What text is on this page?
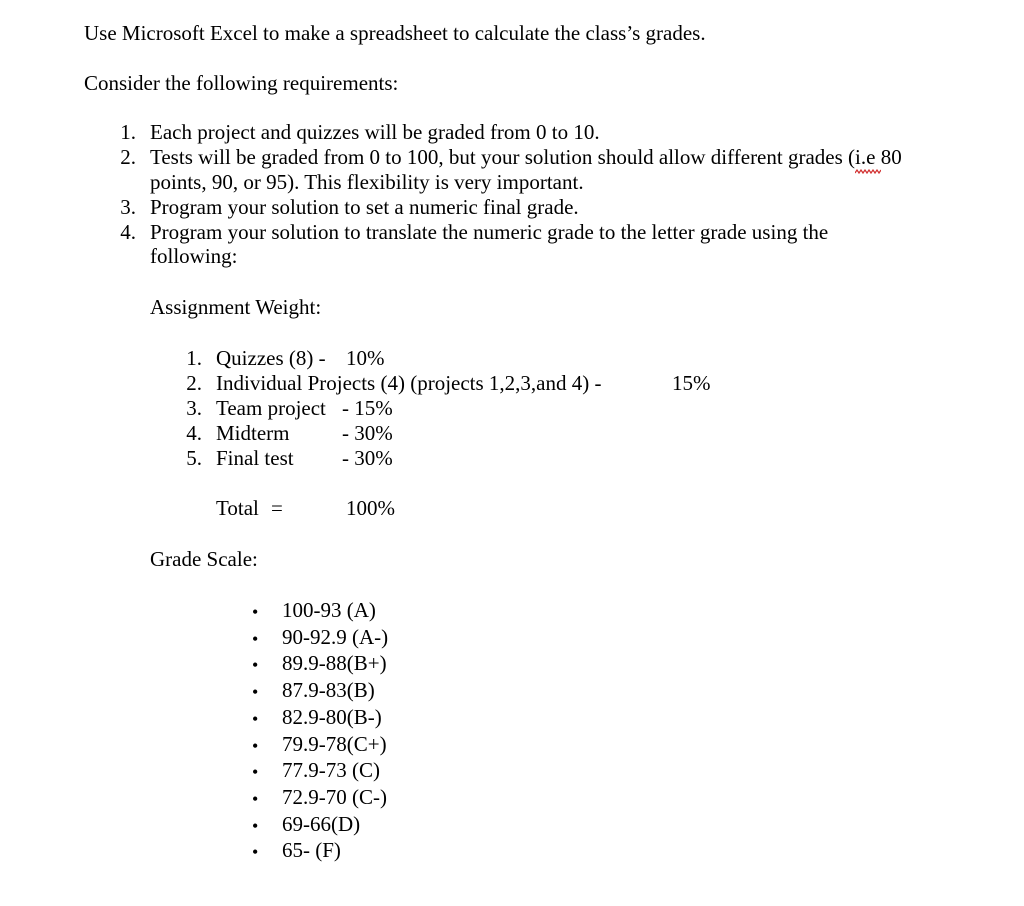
Use Microsoft Excel to make a spreadsheet to calculate the class’s grades.
Consider the following requirements:
1. Each project and quizzes will be graded from 0 to 10.
2. Tests will be graded from 0 to 100, but your solution should allow different grades (i.e
80
points, 90, or 95). This flexibility is very important.
3. Program your solution to set a numeric final grade.
4. Program your solution to translate the numeric grade to the letter grade using the
following:
Assignment Weight:
1. Quizzes (8) - 10%
2. Individual Projects (4) (projects 1,2,3,and 4) -	15%
3. Team project - 15%
4. Midterm	- 30%
5. Final test - 30%
Total =	100%
Grade Scale:
• 100-93 (A)
• 90-92.9 (A-)
• 89.9-88(B+)
• 87.9-83(B)
• 82.9-80(B-)
• 79.9-78(C+)
• 77.9-73 (C)
• 72.9-70 (C-)
• 69-66(D)
• 65- (F)
